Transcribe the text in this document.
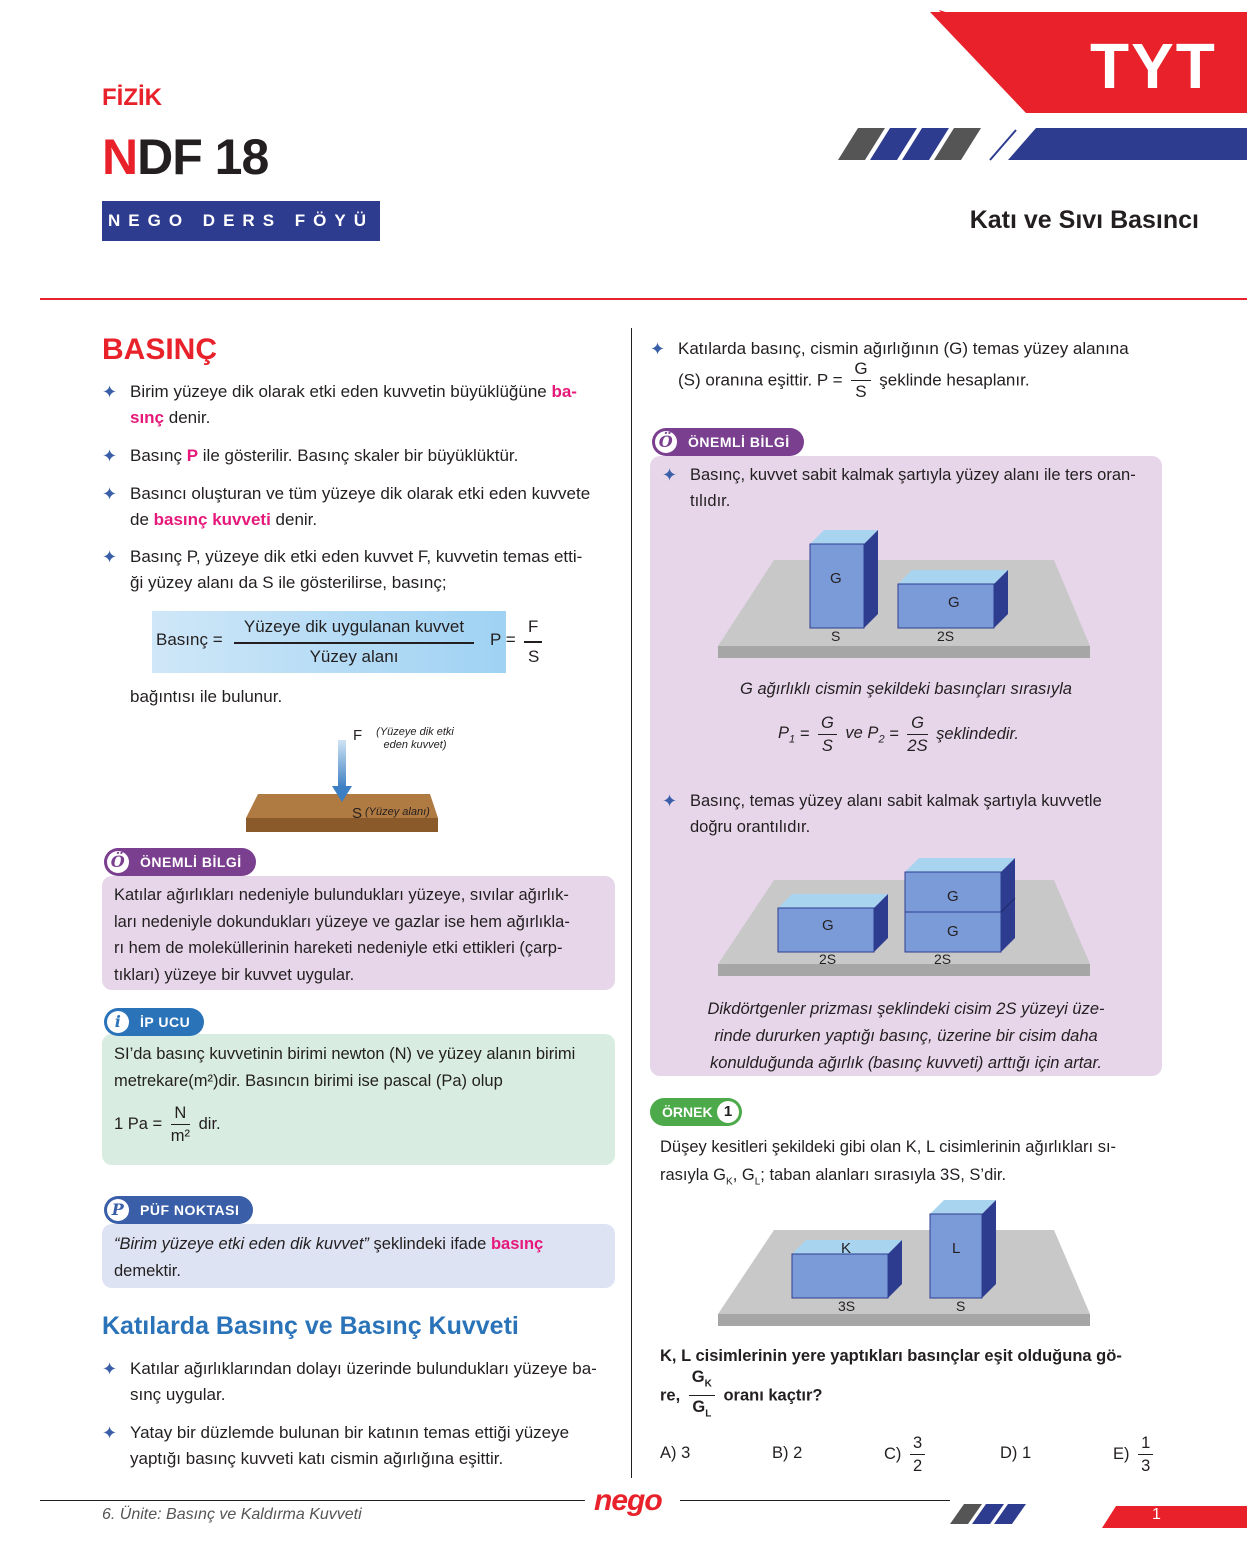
FİZİK
NDF 18
NEGO DERS FÖYÜ
TYT
Katı ve Sıvı Basıncı
BASINÇ
✦ Birim yüzeye dik olarak etki eden kuvvetin büyüklüğüne ba-
sınç denir.
✦ Basınç P ile gösterilir. Basınç skaler bir büyüklüktür.
✦ Basıncı oluşturan ve tüm yüzeye dik olarak etki eden kuvvete
de basınç kuvveti denir.
✦ Basınç P, yüzeye dik etki eden kuvvet F, kuvvetin temas etti-
ği yüzey alanı da S ile gösterilirse, basınç;
Basınç =
Yüzeye dik uygulanan kuvvet
Yüzey alanı
P =
F
S
bağıntısı ile bulunur.
F	(Yüzeye dik etki
eden kuvvet)
S (Yüzey alanı)
Ö ÖNEMLİ BİLGİ
Katılar ağırlıkları nedeniyle bulundukları yüzeye, sıvılar ağırlık-
ları nedeniyle dokundukları yüzeye ve gazlar ise hem ağırlıkla-
rı hem de moleküllerinin hareketi nedeniyle etki ettikleri (çarp-
tıkları) yüzeye bir kuvvet uygular.
i	İP UCU
SI’da basınç kuvvetinin birimi newton (N) ve yüzey alanın birimi
metrekare(m²)dir. Basıncın birimi ise pascal (Pa) olup
1 $Pa = \frac{N}{\text{m²}}$ dir.
P	PÜF NOKTASI
“Birim yüzeye etki eden dik kuvvet” şeklindeki ifade basınç
demektir.
Katılarda Basınç ve Basınç Kuvveti
✦ Katılar ağırlıklarından dolayı üzerinde bulundukları yüzeye ba-
sınç uygular.
✦ Yatay bir düzlemde bulunan bir katının temas ettiği yüzeye
yaptığı basınç kuvveti katı cismin ağırlığına eşittir.
✦ Katılarda basınç, cismin ağırlığının (G) temas yüzey alanına
(S) oranına eşittir. $P = \frac{G}{S}$ şeklinde hesaplanır.
Ö ÖNEMLİ BİLGİ
✦ Basınç, kuvvet sabit kalmak şartıyla yüzey alanı ile ters oran-
tılıdır.
G
G
S	2S
G ağırlıklı cismin şekildeki basınçları sırasıyla
$P_1 = \frac{G}{S}$ ve $P_2 = \frac{G}{2S}$ şeklindedir.
✦ Basınç, temas yüzey alanı sabit kalmak şartıyla kuvvetle
doğru orantılıdır.
G
G
G
2S	2S
Dikdörtgenler prizması şeklindeki cisim 2S yüzeyi üze-
rinde dururken yaptığı basınç, üzerine bir cisim daha
konulduğunda ağırlık (basınç kuvveti) arttığı için artar.
ÖRNEK 1
Düşey kesitleri şekildeki gibi olan K, L cisimlerinin ağırlıkları sı-
rasıyla $G_K$, $G_L$; taban alanları sırasıyla 3S, S’dir.
K	L
3S	S
K, L cisimlerinin yere yaptıkları basınçlar eşit olduğuna gö-
re, $\frac{G_K}{G_L}$ oranı kaçtır?
A) 3	B) 2	$C) \frac{3}{2}$	D) 1	$E) \frac{1}{3}$
6. Ünite: Basınç ve Kaldırma Kuvveti	nego	1
